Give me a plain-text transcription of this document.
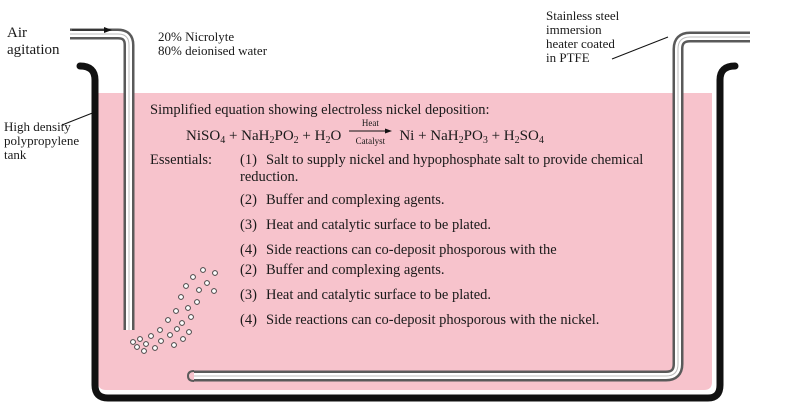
Air
agitation
20% Nicrolyte
80% deionised water
High density
polypropylene
tank
Stainless steel
immersion
heater coated
in PTFE
Simplified equation showing electroless nickel deposition:
NiSO$_4$ + $NaH_2PO_2 + H_2O$
Heat
Catalyst $Ni + NaH_2PO_3 + H_2SO_4$
Essentials: (1) Salt to supply nickel and hypophosphate salt to provide chemical reduction.
(2) Buffer and complexing agents.
(3) Heat and catalytic surface to be plated.
(4) Side reactions can co-deposit phosporous with the
(2) Buffer and complexing agents.
(3) Heat and catalytic surface to be plated.
(4) Side reactions can co-deposit phosporous with the nickel.
